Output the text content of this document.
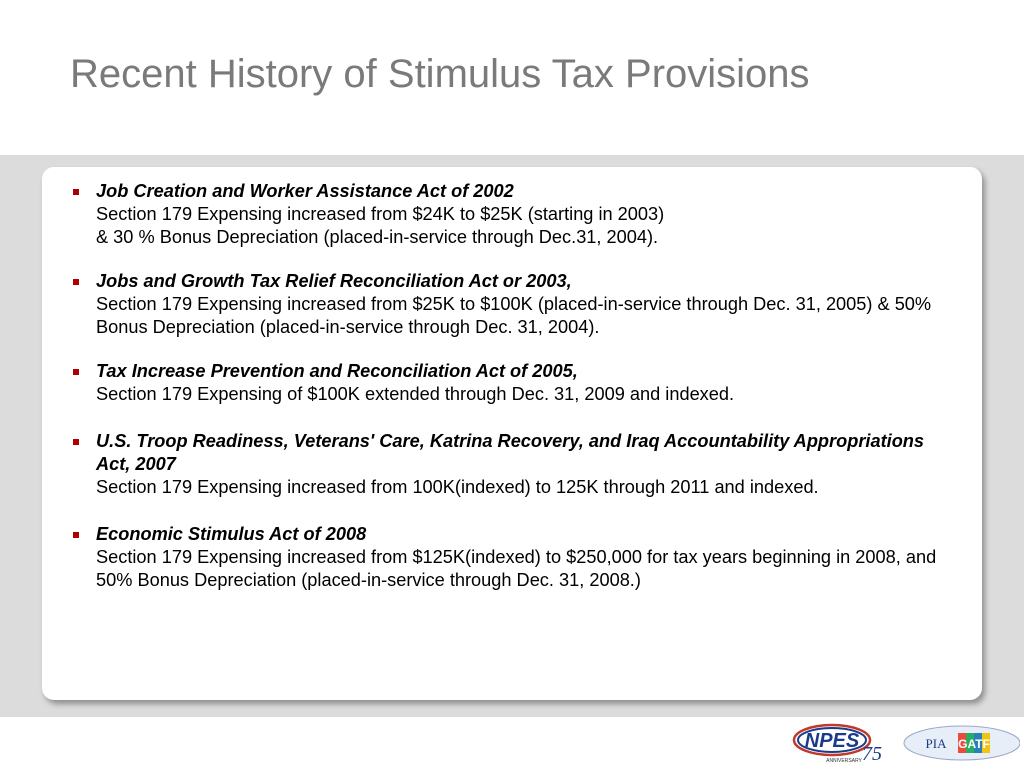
Recent History of Stimulus Tax Provisions
Job Creation and Worker Assistance Act of 2002
Section 179 Expensing increased from $24K to $25K (starting in 2003)
& 30 % Bonus Depreciation (placed-in-service through Dec.31, 2004).
Jobs and Growth Tax Relief Reconciliation Act or 2003,
Section 179 Expensing increased from $25K to $100K (placed-in-service through Dec. 31, 2005) & 50% Bonus Depreciation (placed-in-service through Dec. 31, 2004).
Tax Increase Prevention and Reconciliation Act of 2005,
Section 179 Expensing of $100K extended through Dec. 31, 2009 and indexed.
U.S. Troop Readiness, Veterans' Care, Katrina Recovery, and Iraq Accountability Appropriations Act, 2007
Section 179 Expensing increased from 100K(indexed) to 125K through 2011 and indexed.
Economic Stimulus Act of 2008
Section 179 Expensing increased from $125K(indexed) to $250,000 for tax years beginning in 2008, and 50% Bonus Depreciation (placed-in-service through Dec. 31, 2008.)
NPES
75
ANNIVERSARY
PIA GATF
